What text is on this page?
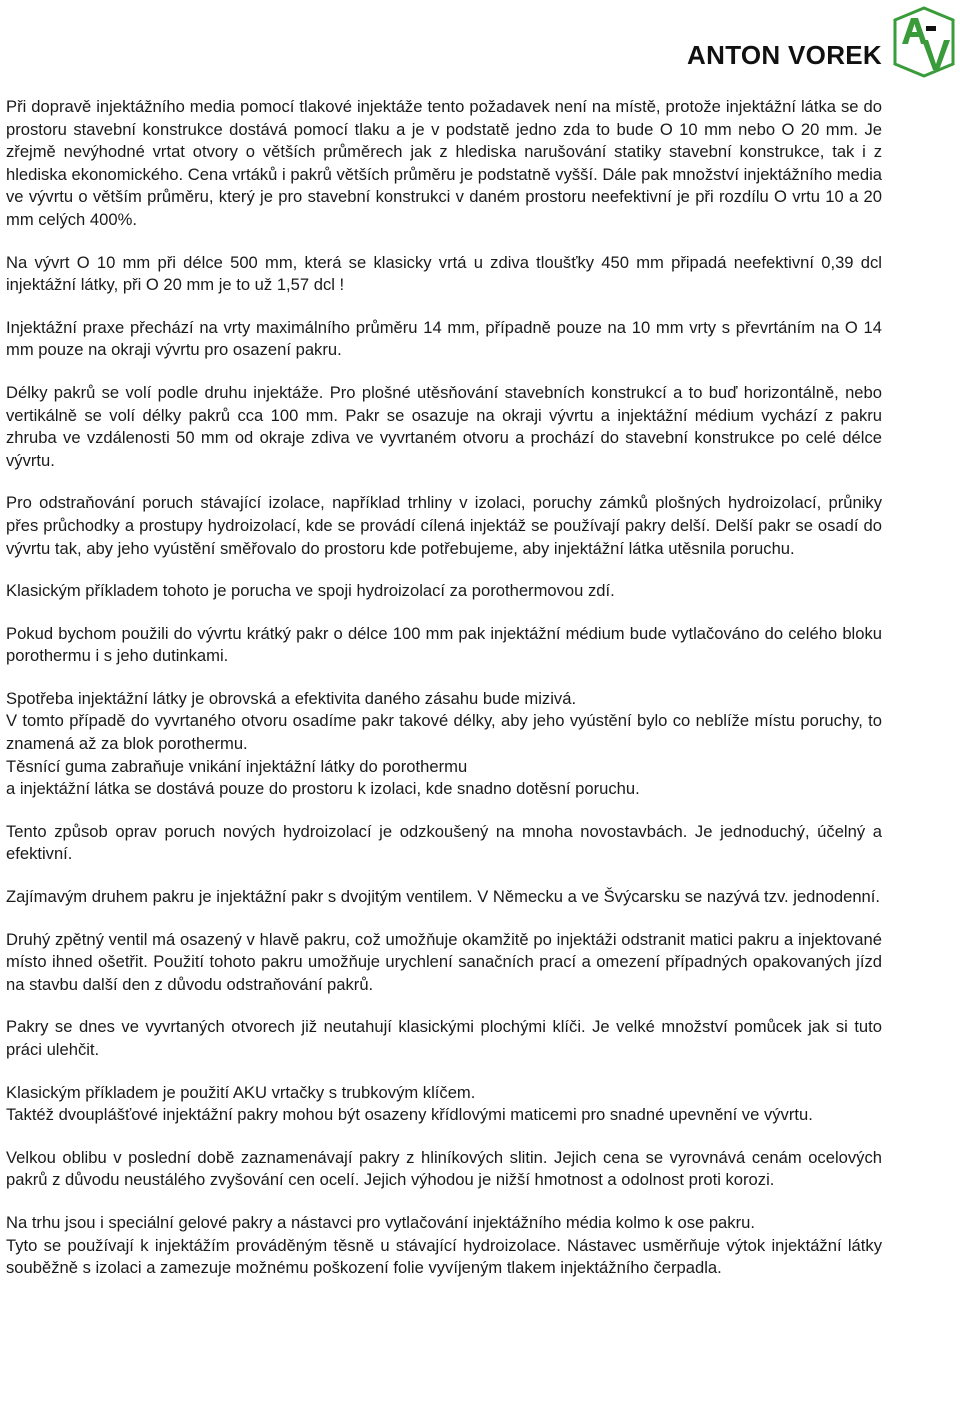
ANTON VOREK

Při dopravě injektážního media pomocí tlakové injektáže tento požadavek není na místě, protože injektážní látka se do prostoru stavební konstrukce dostává pomocí tlaku a je v podstatě jedno zda to bude O 10 mm nebo O 20 mm. Je zřejmě nevýhodné vrtat otvory o větších průměrech jak z hlediska narušování statiky stavební konstrukce, tak i z hlediska ekonomického. Cena vrtáků i pakrů větších průměru je podstatně vyšší. Dále pak množství injektážního media ve vývrtu o větším průměru, který je pro stavební konstrukci v daném prostoru neefektivní je při rozdílu O vrtu 10 a 20 mm celých 400%.

Na vývrt O 10 mm při délce 500 mm, která se klasicky vrtá u zdiva tloušťky 450 mm připadá neefektivní 0,39 dcl injektážní látky, při O 20 mm je to už 1,57 dcl !

Injektážní praxe přechází na vrty maximálního průměru 14 mm, případně pouze na 10 mm vrty s převrtáním na O 14 mm pouze na okraji vývrtu pro osazení pakru.

Délky pakrů se volí podle druhu injektáže. Pro plošné utěsňování stavebních konstrukcí a to buď horizontálně, nebo vertikálně se volí délky pakrů cca 100 mm. Pakr se osazuje na okraji vývrtu a injektážní médium vychází z pakru zhruba ve vzdálenosti 50 mm od okraje zdiva ve vyvrtaném otvoru a prochází do stavební konstrukce po celé délce vývrtu.

Pro odstraňování poruch stávající izolace, například trhliny v izolaci, poruchy zámků plošných hydroizolací, průniky přes průchodky a prostupy hydroizolací, kde se provádí cílená injektáž se používají pakry delší. Delší pakr se osadí do vývrtu tak, aby jeho vyústění směřovalo do prostoru kde potřebujeme, aby injektážní látka utěsnila poruchu.

Klasickým příkladem tohoto je porucha ve spoji hydroizolací za porothermovou zdí.

Pokud bychom použili do vývrtu krátký pakr o délce 100 mm pak injektážní médium bude vytlačováno do celého bloku porothermu i s jeho dutinkami.

Spotřeba injektážní látky je obrovská a efektivita daného zásahu bude mizivá.
V tomto případě do vyvrtaného otvoru osadíme pakr takové délky, aby jeho vyústění bylo co neblíže místu poruchy, to znamená až za blok porothermu.
Těsnící guma zabraňuje vnikání injektážní látky do porothermu
a injektážní látka se dostává pouze do prostoru k izolaci, kde snadno dotěsní poruchu.

Tento způsob oprav poruch nových hydroizolací je odzkoušený na mnoha novostavbách. Je jednoduchý, účelný a efektivní.

Zajímavým druhem pakru je injektážní pakr s dvojitým ventilem. V Německu a ve Švýcarsku se nazývá tzv. jednodenní.

Druhý zpětný ventil má osazený v hlavě pakru, což umožňuje okamžitě po injektáži odstranit matici pakru a injektované místo ihned ošetřit. Použití tohoto pakru umožňuje urychlení sanačních prací a omezení případných opakovaných jízd na stavbu další den z důvodu odstraňování pakrů.

Pakry se dnes ve vyvrtaných otvorech již neutahují klasickými plochými klíči. Je velké množství pomůcek jak si tuto práci ulehčit.

Klasickým příkladem je použití AKU vrtačky s trubkovým klíčem.
Taktéž dvouplášťové injektážní pakry mohou být osazeny křídlovými maticemi pro snadné upevnění ve vývrtu.

Velkou oblibu v poslední době zaznamenávají pakry z hliníkových slitin. Jejich cena se vyrovnává cenám ocelových pakrů z důvodu neustálého zvyšování cen ocelí. Jejich výhodou je nižší hmotnost a odolnost proti korozi.

Na trhu jsou i speciální gelové pakry a nástavci pro vytlačování injektážního média kolmo k ose pakru.
Tyto se používají k injektážím prováděným těsně u stávající hydroizolace. Nástavec usměrňuje výtok injektážní látky souběžně s izolaci a zamezuje možnému poškození folie vyvíjeným tlakem injektážního čerpadla.
